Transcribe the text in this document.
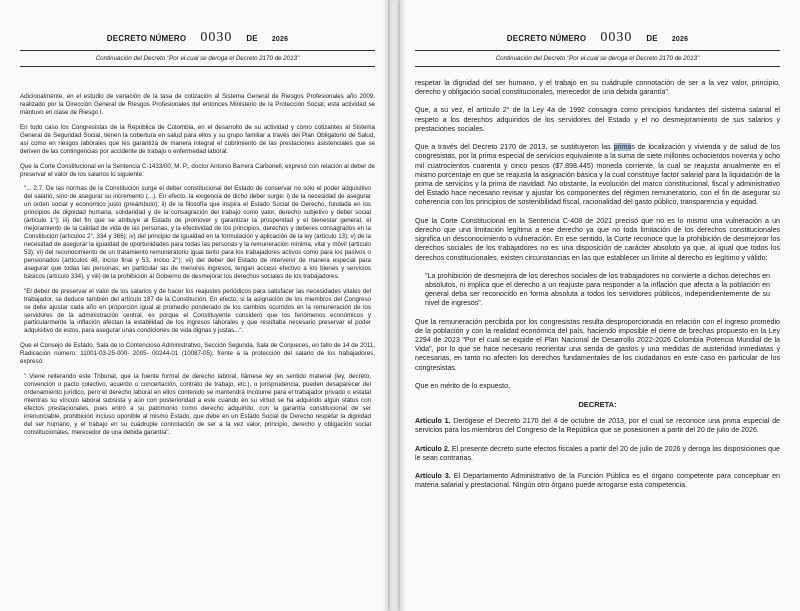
DECRETO NÚMERO 0030 DE 2026
Continuación del Decreto "Por el cual se deroga el Decreto 2170 de 2013"

Adicionalmente, en el estudio de variación de la tasa de cotización al Sistema General de Riesgos Profesionales año 2009, realizado por la Dirección General de Riesgos Profesionales del entonces Ministerio de la Protección Social, esta actividad se mantuvo en clase de Riesgo I.

En todo caso los Congresistas de la República de Colombia, en el desarrollo de su actividad y como cotizantes al Sistema General de Seguridad Social, tienen la cobertura en salud para ellos y su grupo familiar a través del Plan Obligatorio de Salud, así como en riesgos laborales que les garantiza de manera integral el cubrimiento de las prestaciones asistenciales que se deriven de las contingencias por accidente de trabajo o enfermedad laboral.

Que la Corte Constitucional en la Sentencia C-1433/00, M. P., doctor Antonio Barrera Carbonell, expresó con relación al deber de preservar el valor de los salarios lo siguiente:

"... 2.7. De las normas de la Constitución surge el deber constitucional del Estado de conservar no sólo el poder adquisitivo del salario, sino de asegurar su incremento (...). En efecto, la exigencia de dicho deber surge: i) de la necesidad de asegurar un orden social y económico justo (preámbulo); ii) de la filosofía que inspira el Estado Social de Derecho, fundada en los principios de dignidad humana, solidaridad y de la consagración del trabajo como valor, derecho subjetivo y deber social (artículo 1°); iii) del fin que se atribuye al Estado de promover y garantizar la prosperidad y el bienestar general, el mejoramiento de la calidad de vida de las personas, y la efectividad de los principios, derechos y deberes consagrados en la Constitución (artículos 2°, 334 y 366); iv) del principio de igualdad en la formulación y aplicación de la ley (artículo 13); v) de la necesidad de asegurar la igualdad de oportunidades para todas las personas y la remuneración mínima, vital y móvil (artículo 53); vi) del reconocimiento de un tratamiento remuneratorio igual tanto para los trabajadores activos como para los pasivos o pensionados (artículos 48, inciso final y 53, inciso 2°); vii) del deber del Estado de intervenir de manera especial para asegurar que todas las personas, en particular las de menores ingresos, tengan acceso efectivo a los bienes y servicios básicos (artículo 334), y viii) de la prohibición al Gobierno de desmejorar los derechos sociales de los trabajadores.

"El deber de preservar el valor de los salarios y de hacer los reajustes periódicos para satisfacer las necesidades vitales del trabajador, se deduce también del artículo 187 de la Constitución. En efecto, si la asignación de los miembros del Congreso se debe ajustar cada año en proporción igual al promedio ponderado de los cambios ocurridos en la remuneración de los servidores de la administración central, es porque el Constituyente consideró que los fenómenos económicos y particularmente la inflación afectan la estabilidad de los ingresos laborales y que resultaba necesario preservar el poder adquisitivo de estos, para asegurar unas condiciones de vida dignas y justas...".

Que el Consejo de Estado, Sala de lo Contencioso Administrativo, Sección Segunda, Sala de Conjueces, en fallo de 14 de 2011, Radicación número: 11001-03-25-000- 2005- 00244-01 (10087-05), frente a la protección del salario de los trabajadores, expresó:

" Viene reiterando este Tribunal, que la fuente formal de derecho laboral, llámese ley en sentido material (ley, decreto, convención o pacto colectivo, acuerdo o concertación, contrato de trabajo, etc.), o jurisprudencia, pueden desaparecer del ordenamiento jurídico, pero el derecho laboral en ellos contenido se mantendrá incólume para el trabajador privado o estatal mientras su vínculo laboral subsista y aún con posterioridad a este cuando en su virtud se ha adquirido algún status con efectos prestacionales, pues entró a su patrimonio como derecho adquirido, con la garantía constitucional de ser irrenunciable, prohibición incluso oponible al mismo Estado, que debe en un Estado Social de Derecho respetar la dignidad del ser humano, y el trabajo en su cuádruple connotación de ser a la vez valor, principio, derecho y obligación social constitucionales, merecedor de una debida garantía".

DECRETO NÚMERO 0030 DE 2026
Continuación del Decreto "Por el cual se deroga el Decreto 2170 de 2013"

respetar la dignidad del ser humano, y el trabajo en su cuádruple connotación de ser a la vez valor, principio, derecho y obligación social constitucionales, merecedor de una debida garantía".

Que, a su vez, el artículo 2° de la Ley 4a de 1992 consagra como principios fundantes del sistema salarial el respeto a los derechos adquiridos de los servidores del Estado y el no desmejoramiento de sus salarios y prestaciones sociales.

Que a través del Decreto 2170 de 2013, se sustituyeron las primas de localización y vivienda y de salud de los congresistas, por la prima especial de servicios equivalente a la suma de siete millones ochocientos noventa y ocho mil cuatrocientos cuarenta y cinco pesos ($7.898.445) moneda corriente, la cual se reajusta anualmente en el mismo porcentaje en que se reajusta la asignación básica y la cual constituye factor salarial para la liquidación de la prima de servicios y la prima de navidad. No obstante, la evolución del marco constitucional, fiscal y administrativo del Estado hace necesario revisar y ajustar los componentes del régimen remuneratorio, con el fin de asegurar su coherencia con los principios de sostenibilidad fiscal, racionalidad del gasto público, transparencia y equidad.

Que la Corte Constitucional en la Sentencia C-408 de 2021 precisó que no es lo mismo una vulneración a un derecho que una limitación legítima a ese derecho ya que no toda limitación de los derechos constitucionales significa un desconocimiento o vulneración. En ese sentido, la Corte reconoce que la prohibición de desmejorar los derechos sociales de los trabajadores no es una disposición de carácter absoluto ya que, al igual que todos los derechos constitucionales, existen circunstancias en las que establecer un límite al derecho es legítimo y válido:

"La prohibición de desmejora de los derechos sociales de los trabajadores no convierte a dichos derechos en absolutos, ni implica que el derecho a un reajuste para responder a la inflación que afecta a la población en general deba ser reconocido en forma absoluta a todos los servidores públicos, independientemente de su nivel de ingresos".

Que la remuneración percibida por los congresistas resulta desproporcionada en relación con el ingreso promedio de la población y con la realidad económica del país, haciendo imposible el cierre de brechas propuesto en la Ley 2294 de 2023 "Por el cual se expide el Plan Nacional de Desarrollo 2022-2026 Colombia Potencia Mundial de la Vida", por lo que se hace necesario reorientar una senda de gastos y una medidas de austeridad inmediatas y necesarias, en tanto no afecten los derechos fundamentales de los ciudadanos en este caso en particular de los congresistas.

Que en mérito de lo expuesto,

DECRETA:

Artículo 1. Derógese el Decreto 2170 del 4 de octubre de 2013, por el cual se reconoce una prima especial de servicios para los miembros del Congreso de la República que se posesionen a partir del 20 de julio de 2026.

Artículo 2. El presente decreto surte efectos fiscales a partir del 20 de julio de 2026 y deroga las disposiciones que le sean contrarias.

Artículo 3. El Departamento Administrativo de la Función Pública es el órgano competente para conceptuar en materia salarial y prestacional. Ningún otro órgano puede arrogarse esta competencia.
